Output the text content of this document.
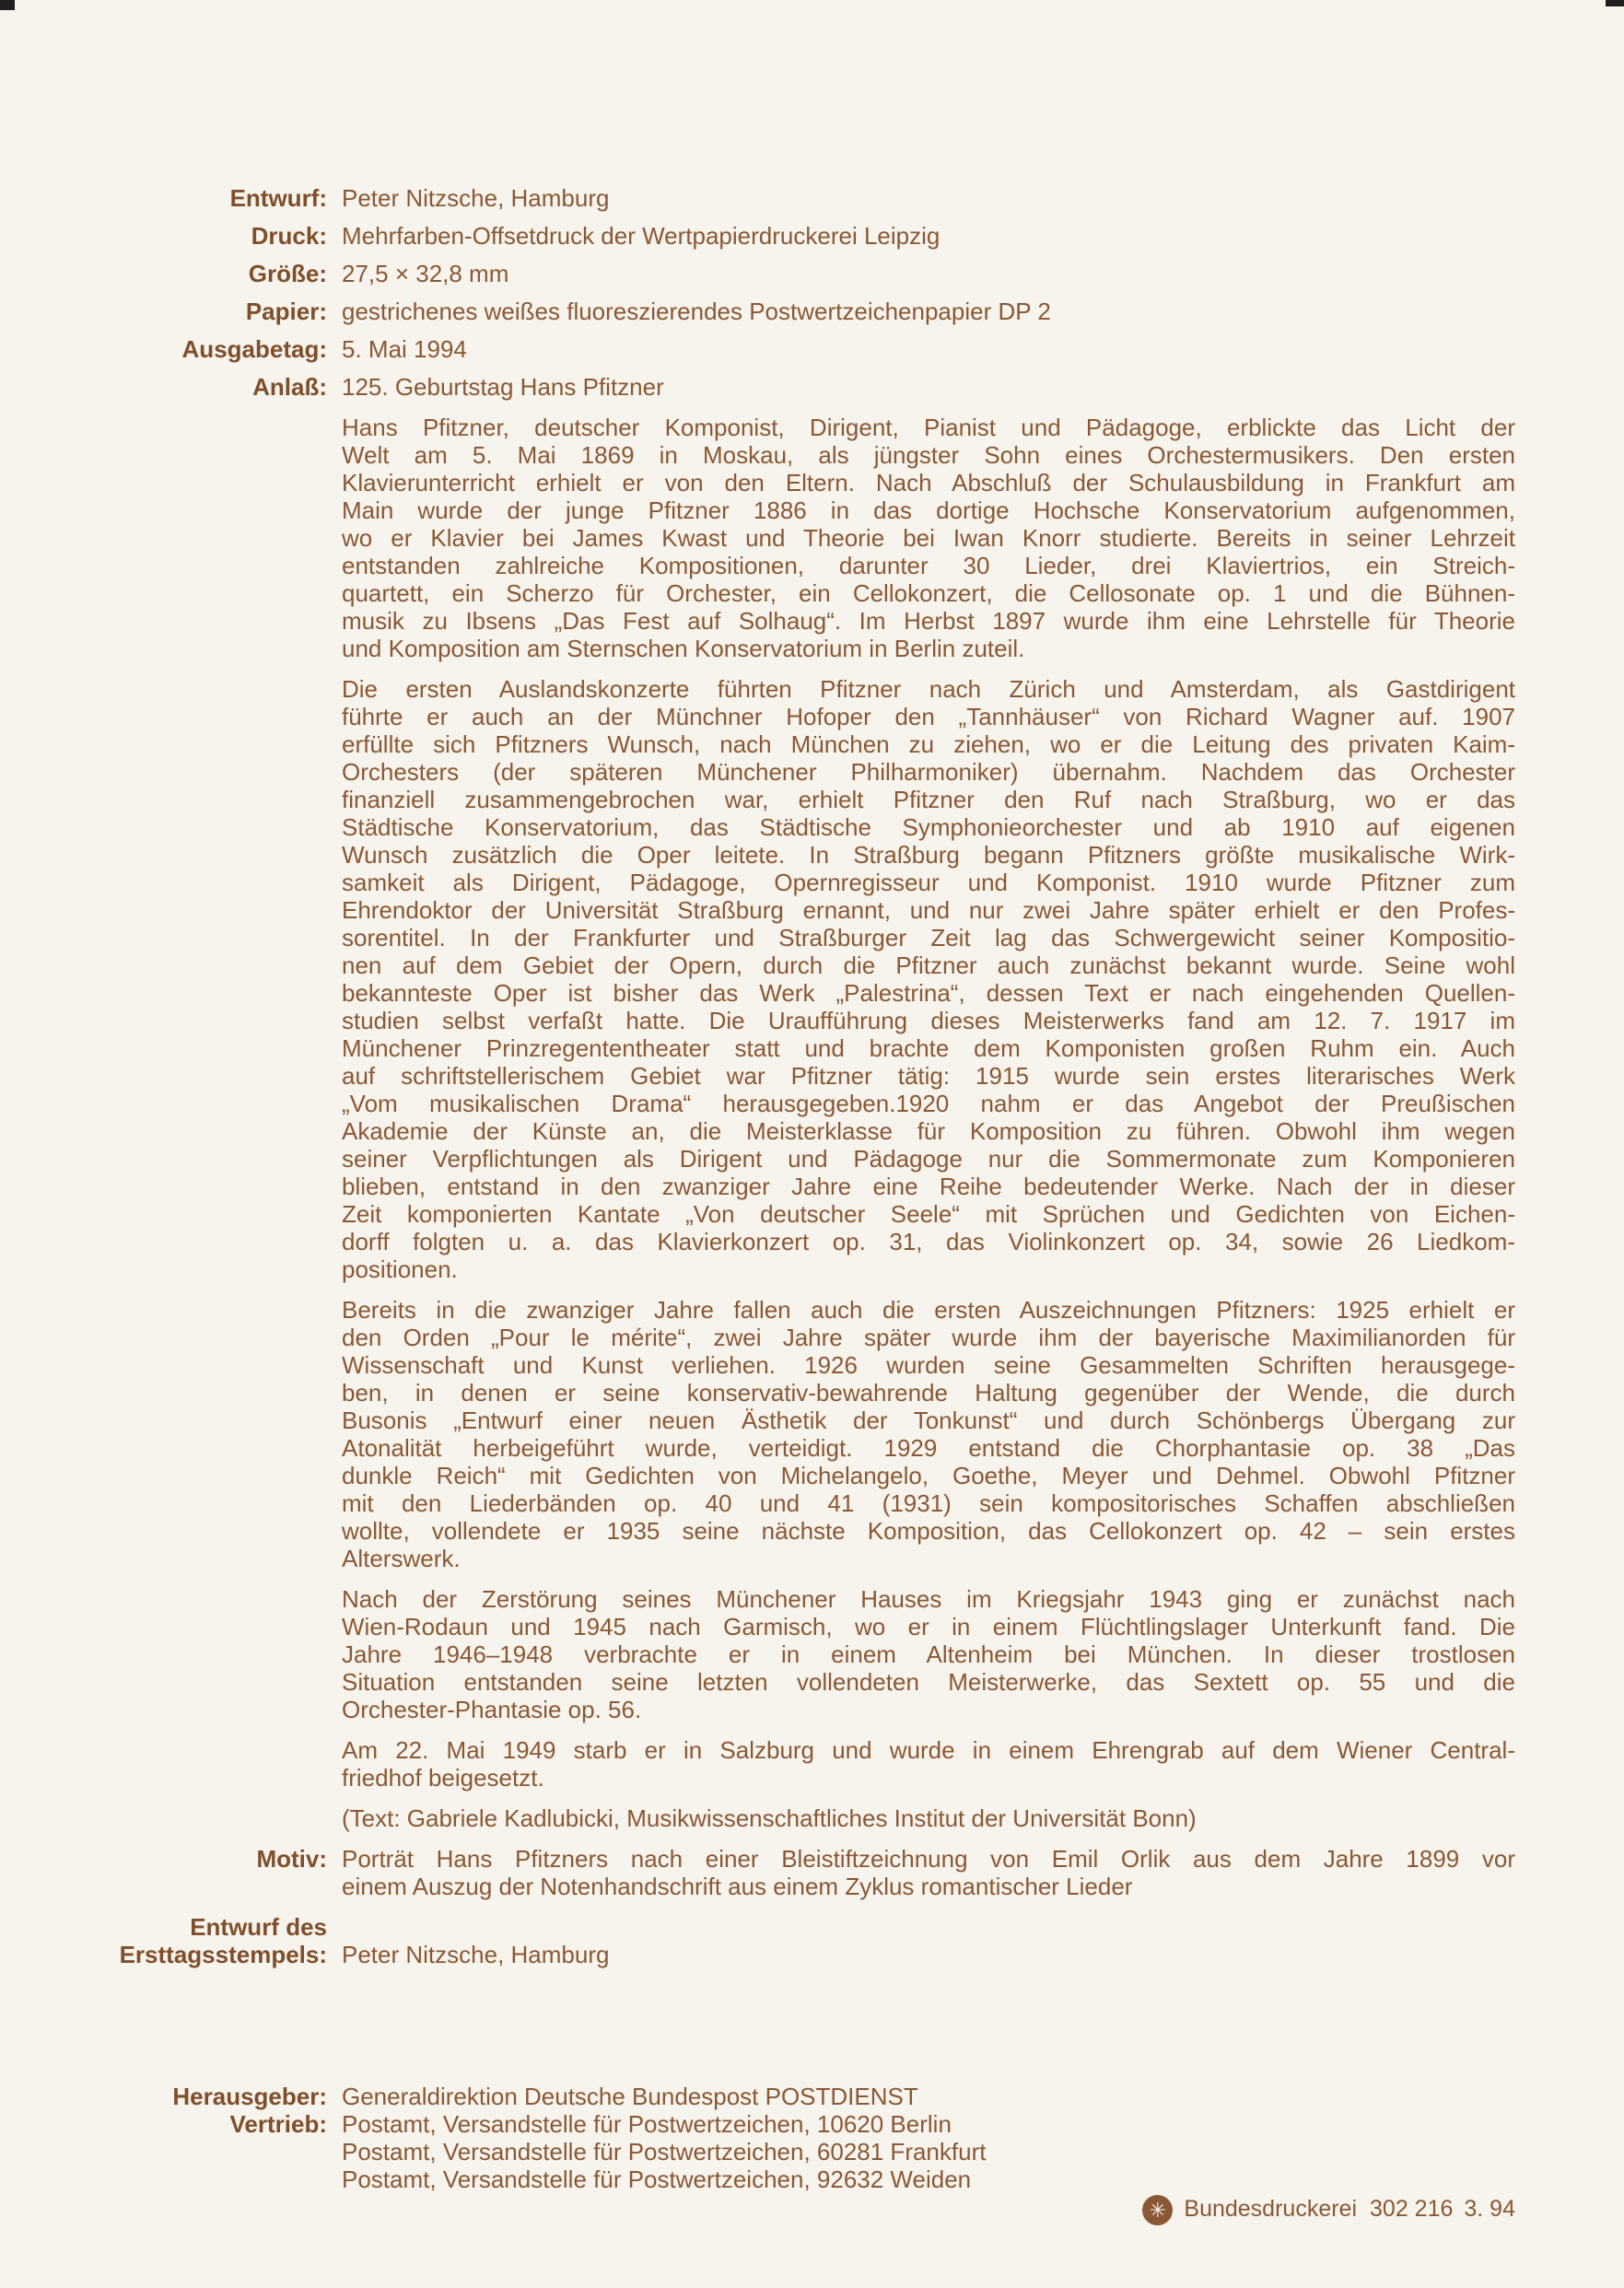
Entwurf: Peter Nitzsche, Hamburg
Druck: Mehrfarben-Offsetdruck der Wertpapierdruckerei Leipzig
Größe: 27,5 × 32,8 mm
Papier: gestrichenes weißes fluoreszierendes Postwertzeichenpapier DP 2
Ausgabetag: 5. Mai 1994
Anlaß: 125. Geburtstag Hans Pfitzner
Hans Pfitzner, deutscher Komponist, Dirigent, Pianist und Pädagoge, erblickte das Licht der
Welt am 5. Mai 1869 in Moskau, als jüngster Sohn eines Orchestermusikers. Den ersten
Klavierunterricht erhielt er von den Eltern. Nach Abschluß der Schulausbildung in Frankfurt am
Main wurde der junge Pfitzner 1886 in das dortige Hochsche Konservatorium aufgenommen,
wo er Klavier bei James Kwast und Theorie bei Iwan Knorr studierte. Bereits in seiner Lehrzeit
entstanden zahlreiche Kompositionen, darunter 30 Lieder, drei Klaviertrios, ein Streich-
quartett, ein Scherzo für Orchester, ein Cellokonzert, die Cellosonate op. 1 und die Bühnen-
musik zu Ibsens „Das Fest auf Solhaug“. Im Herbst 1897 wurde ihm eine Lehrstelle für Theorie
und Komposition am Sternschen Konservatorium in Berlin zuteil.
Die ersten Auslandskonzerte führten Pfitzner nach Zürich und Amsterdam, als Gastdirigent
führte er auch an der Münchner Hofoper den „Tannhäuser“ von Richard Wagner auf. 1907
erfüllte sich Pfitzners Wunsch, nach München zu ziehen, wo er die Leitung des privaten Kaim-
Orchesters (der späteren Münchener Philharmoniker) übernahm. Nachdem das Orchester
finanziell zusammengebrochen war, erhielt Pfitzner den Ruf nach Straßburg, wo er das
Städtische Konservatorium, das Städtische Symphonieorchester und ab 1910 auf eigenen
Wunsch zusätzlich die Oper leitete. In Straßburg begann Pfitzners größte musikalische Wirk-
samkeit als Dirigent, Pädagoge, Opernregisseur und Komponist. 1910 wurde Pfitzner zum
Ehrendoktor der Universität Straßburg ernannt, und nur zwei Jahre später erhielt er den Profes-
sorentitel. In der Frankfurter und Straßburger Zeit lag das Schwergewicht seiner Kompositio-
nen auf dem Gebiet der Opern, durch die Pfitzner auch zunächst bekannt wurde. Seine wohl
bekannteste Oper ist bisher das Werk „Palestrina“, dessen Text er nach eingehenden Quellen-
studien selbst verfaßt hatte. Die Uraufführung dieses Meisterwerks fand am 12. 7. 1917 im
Münchener Prinzregententheater statt und brachte dem Komponisten großen Ruhm ein. Auch
auf schriftstellerischem Gebiet war Pfitzner tätig: 1915 wurde sein erstes literarisches Werk
„Vom musikalischen Drama“ herausgegeben.1920 nahm er das Angebot der Preußischen
Akademie der Künste an, die Meisterklasse für Komposition zu führen. Obwohl ihm wegen
seiner Verpflichtungen als Dirigent und Pädagoge nur die Sommermonate zum Komponieren
blieben, entstand in den zwanziger Jahre eine Reihe bedeutender Werke. Nach der in dieser
Zeit komponierten Kantate „Von deutscher Seele“ mit Sprüchen und Gedichten von Eichen-
dorff folgten u. a. das Klavierkonzert op. 31, das Violinkonzert op. 34, sowie 26 Liedkom-
positionen.
Bereits in die zwanziger Jahre fallen auch die ersten Auszeichnungen Pfitzners: 1925 erhielt er
den Orden „Pour le mérite“, zwei Jahre später wurde ihm der bayerische Maximilianorden für
Wissenschaft und Kunst verliehen. 1926 wurden seine Gesammelten Schriften herausgege-
ben, in denen er seine konservativ-bewahrende Haltung gegenüber der Wende, die durch
Busonis „Entwurf einer neuen Ästhetik der Tonkunst“ und durch Schönbergs Übergang zur
Atonalität herbeigeführt wurde, verteidigt. 1929 entstand die Chorphantasie op. 38 „Das
dunkle Reich“ mit Gedichten von Michelangelo, Goethe, Meyer und Dehmel. Obwohl Pfitzner
mit den Liederbänden op. 40 und 41 (1931) sein kompositorisches Schaffen abschließen
wollte, vollendete er 1935 seine nächste Komposition, das Cellokonzert op. 42 – sein erstes
Alterswerk.
Nach der Zerstörung seines Münchener Hauses im Kriegsjahr 1943 ging er zunächst nach
Wien-Rodaun und 1945 nach Garmisch, wo er in einem Flüchtlingslager Unterkunft fand. Die
Jahre 1946–1948 verbrachte er in einem Altenheim bei München. In dieser trostlosen
Situation entstanden seine letzten vollendeten Meisterwerke, das Sextett op. 55 und die
Orchester-Phantasie op. 56.
Am 22. Mai 1949 starb er in Salzburg und wurde in einem Ehrengrab auf dem Wiener Central-
friedhof beigesetzt.
(Text: Gabriele Kadlubicki, Musikwissenschaftliches Institut der Universität Bonn)
Motiv: Porträt Hans Pfitzners nach einer Bleistiftzeichnung von Emil Orlik aus dem Jahre 1899 vor
einem Auszug der Notenhandschrift aus einem Zyklus romantischer Lieder
Entwurf des
Ersttagsstempels: Peter Nitzsche, Hamburg
Herausgeber: Generaldirektion Deutsche Bundespost POSTDIENST
Vertrieb: Postamt, Versandstelle für Postwertzeichen, 10620 Berlin
Postamt, Versandstelle für Postwertzeichen, 60281 Frankfurt
Postamt, Versandstelle für Postwertzeichen, 92632 Weiden
✳ Bundesdruckerei 302 216 3. 94
